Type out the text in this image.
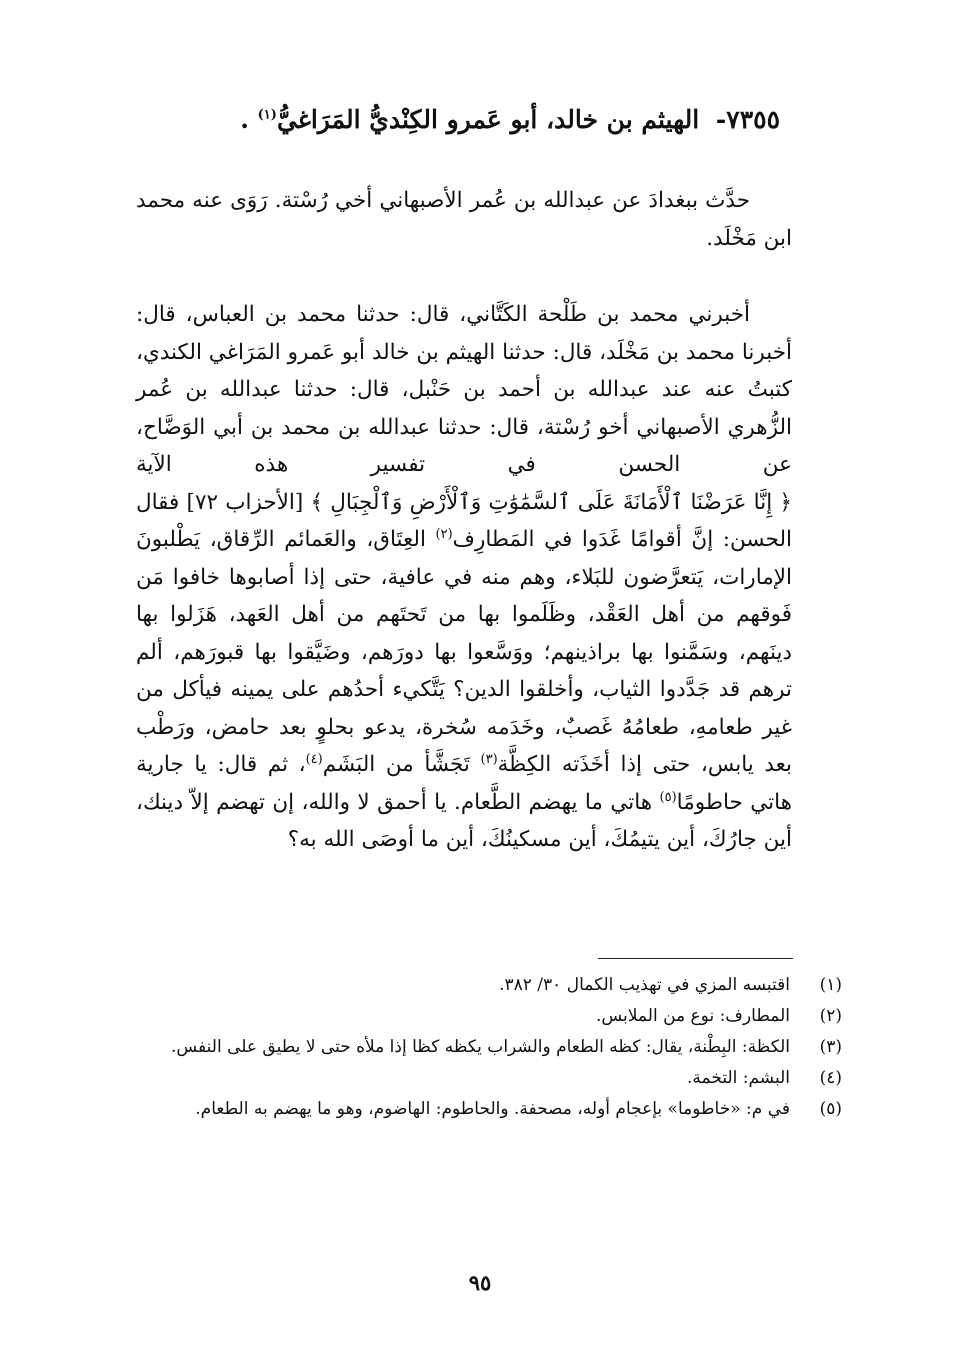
٧٣٥٥- الهيثم بن خالد، أبو عَمرو الكِنْديُّ المَرَاغيُّ$^{(١)}$ .

حدَّث ببغدادَ عن عبدالله بن عُمر الأصبهاني أخي رُسْتة. رَوَى عنه محمد ابن مَخْلَد.

أخبرني محمد بن طَلْحة الكَتَّاني، قال: حدثنا محمد بن العباس، قال: أخبرنا محمد بن مَخْلَد، قال: حدثنا الهيثم بن خالد أبو عَمرو المَرَاغي الكندي، كتبتُ عنه عند عبدالله بن أحمد بن حَنْبل، قال: حدثنا عبدالله بن عُمر الزُّهري الأصبهاني أخو رُسْتة، قال: حدثنا عبدالله بن محمد بن أبي الوَضَّاح، عن الحسن في تفسير هذه الآية ﴿ إِنَّا عَرَضْنَا ٱلْأَمَانَةَ عَلَى ٱلسَّمَٰوَٰتِ وَٱلْأَرْضِ وَٱلْجِبَالِ ﴾ [الأحزاب ٧٢] فقال الحسن: إنَّ أقوامًا غَدَوا في المَطارِف$^{(٢)}$ العِتَاق، والعَمائم الرِّقاق، يَطْلبونَ الإمارات، يَتعرَّضون للبَلاء، وهم منه في عافية، حتى إذا أصابوها خافوا مَن فَوقهم من أهل العَقْد، وظَلَموا بها من تَحتَهم من أهل العَهد، هَزَلوا بها دينَهم، وسَمَّنوا بها براذينهم؛ ووَسَّعوا بها دورَهم، وضَيَّقوا بها قبورَهم، ألم ترهم قد جَدَّدوا الثياب، وأخلقوا الدين؟ يَتَّكيء أحدُهم على يمينه فيأكل من غير طعامهِ، طعامُهُ غَصبٌ، وخَدَمه سُخرة، يدعو بحلوٍ بعد حامض، ورَطْب بعد يابس، حتى إذا أخَذَته الكِظَّة$^{(٣)}$ تَجَشَّأ من البَشَم$^{(٤)}$، ثم قال: يا جارية هاتي حاطومًا$^{(٥)}$ هاتي ما يهضم الطَّعام. يا أحمق لا والله، إن تهضم إلاّ دينك، أين جارُكَ، أين يتيمُكَ، أين مسكينُكَ، أين ما أوصَى الله به؟

(١)
اقتبسه المزي في تهذيب الكمال ٣٠/ ٣٨٢.
(٢)
المطارف: نوع من الملابس.
(٣)
الكظة: البِطْنة، يقال: كظه الطعام والشراب يكظه كظا إذا ملأه حتى لا يطيق على النفس.
(٤)
البشم: التخمة.
(٥)
في م: «خاطوما» بإعجام أوله، مصحفة. والحاطوم: الهاضوم، وهو ما يهضم به الطعام.
٩٥
